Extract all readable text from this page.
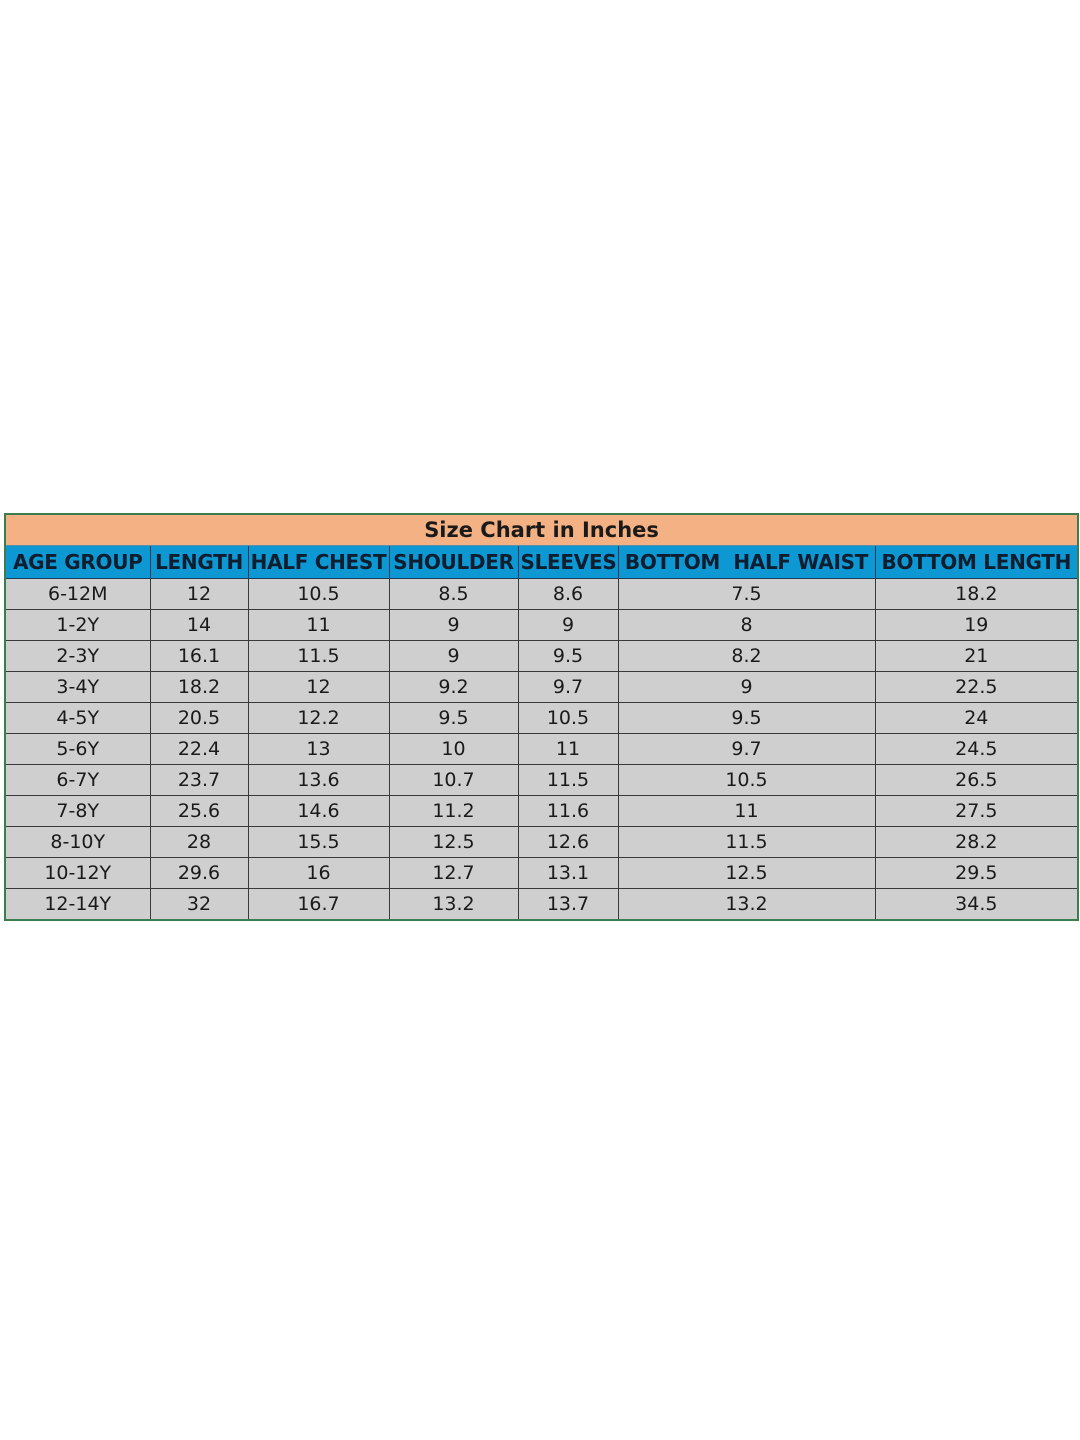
Size Chart in Inches						
AGE GROUP	LENGTH	HALF CHEST	SHOULDER	SLEEVES	BOTTOM  HALF WAIST	BOTTOM LENGTH
6-12M	12	10.5	8.5	8.6	7.5	18.2
1-2Y	14	11	9	9	8	19
2-3Y	16.1	11.5	9	9.5	8.2	21
3-4Y	18.2	12	9.2	9.7	9	22.5
4-5Y	20.5	12.2	9.5	10.5	9.5	24
5-6Y	22.4	13	10	11	9.7	24.5
6-7Y	23.7	13.6	10.7	11.5	10.5	26.5
7-8Y	25.6	14.6	11.2	11.6	11	27.5
8-10Y	28	15.5	12.5	12.6	11.5	28.2
10-12Y	29.6	16	12.7	13.1	12.5	29.5
12-14Y	32	16.7	13.2	13.7	13.2	34.5
